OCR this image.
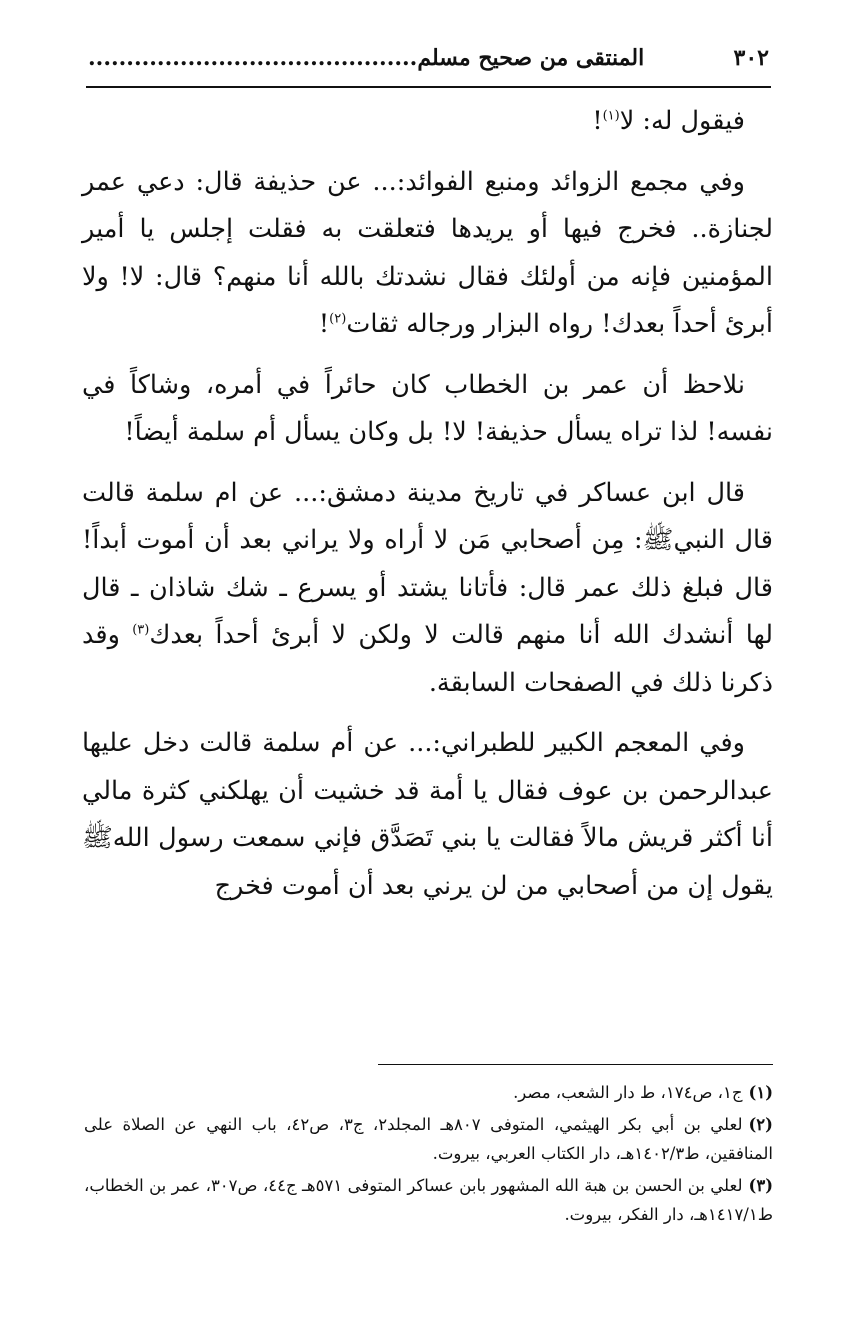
المنتقى من صحيح مسلم...........................................	٣٠٢

فيقول له: لا$^{(١)}$!

وفي مجمع الزوائد ومنبع الفوائد:... عن حذيفة قال: دعي عمر لجنازة.. فخرج فيها أو يريدها فتعلقت به فقلت إجلس يا أمير المؤمنين فإنه من أولئك فقال نشدتك بالله أنا منهم؟ قال: لا! ولا أبرئ أحداً بعدك! رواه البزار ورجاله ثقات$^{(٢)}$!

نلاحظ أن عمر بن الخطاب كان حائراً في أمره، وشاكاً في نفسه! لذا تراه يسأل حذيفة! لا! بل وكان يسأل أم سلمة أيضاً!

قال ابن عساكر في تاريخ مدينة دمشق:... عن ام سلمة قالت قال النبيﷺ: مِن أصحابي مَن لا أراه ولا يراني بعد أن أموت أبداً! قال فبلغ ذلك عمر قال: فأتانا يشتد أو يسرع ـ شك شاذان ـ قال لها أنشدك الله أنا منهم قالت لا ولكن لا أبرئ أحداً بعدك$^{(٣)}$ وقد ذكرنا ذلك في الصفحات السابقة.

وفي المعجم الكبير للطبراني:... عن أم سلمة قالت دخل عليها عبدالرحمن بن عوف فقال يا أمة قد خشيت أن يهلكني كثرة مالي أنا أكثر قريش مالاً فقالت يا بني تَصَدَّق فإني سمعت رسول اللهﷺ يقول إن من أصحابي من لن يرني بعد أن أموت فخرج

(١)ج١، ص١٧٤، ط دار الشعب، مصر.

(٢)لعلي بن أبي بكر الهيثمي، المتوفى ٨٠٧هـ المجلد٢، ج٣، ص٤٢، باب النهي عن الصلاة على المنافقين، ط١٤٠٢/٣هـ، دار الكتاب العربي، بيروت.

(٣)لعلي بن الحسن بن هبة الله المشهور بابن عساكر المتوفى ٥٧١هـ ج٤٤، ص٣٠٧، عمر بن الخطاب، ط١٤١٧/١هـ، دار الفكر، بيروت.
